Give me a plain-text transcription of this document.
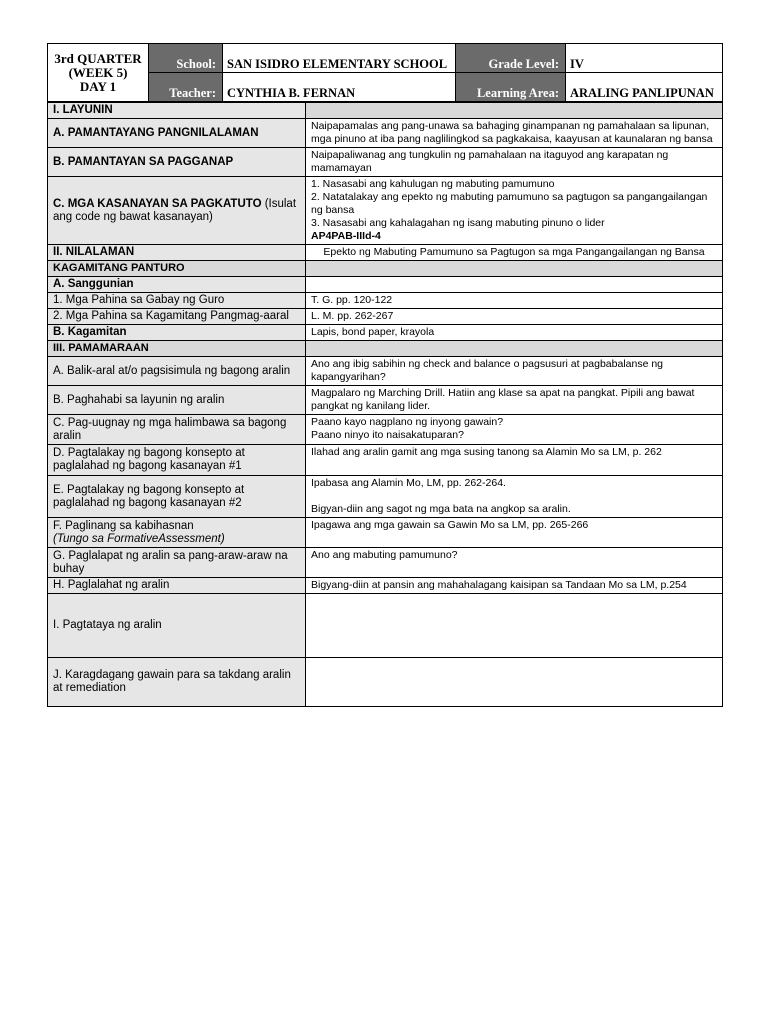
3rd QUARTER
(WEEK 5)
DAY 1	School:	SAN ISIDRO ELEMENTARY SCHOOL	Grade Level:	IV
	Teacher:	CYNTHIA B. FERNAN	Learning Area:	ARALING PANLIPUNAN
I. LAYUNIN	
A. PAMANTAYANG PANGNILALAMAN	Naipapamalas ang pang-unawa sa bahaging ginampanan ng pamahalaan sa lipunan, mga pinuno at iba pang naglilingkod sa pagkakaisa, kaayusan at kaunalaran ng bansa
B. PAMANTAYAN SA PAGGANAP	Naipapaliwanag ang tungkulin ng pamahalaan na itaguyod ang karapatan ng mamamayan
C. MGA KASANAYAN SA PAGKATUTO (Isulat ang code ng bawat kasanayan)	1. Nasasabi ang kahulugan ng mabuting pamumuno
2. Natatalakay ang epekto ng mabuting pamumuno sa pagtugon sa pangangailangan ng bansa
3. Nasasabi ang kahalagahan ng isang mabuting pinuno o lider
AP4PAB-IIId-4

II. NILALAMAN	Epekto ng Mabuting Pamumuno sa Pagtugon sa mga Pangangailangan ng Bansa
KAGAMITANG PANTURO	
A. Sanggunian	
1. Mga Pahina sa Gabay ng Guro	T. G. pp. 120-122
2. Mga Pahina sa Kagamitang Pangmag-aaral	L. M. pp. 262-267
B. Kagamitan	Lapis, bond paper, krayola
III. PAMAMARAAN	
A. Balik-aral at/o pagsisimula ng bagong aralin	Ano ang ibig sabihin ng check and balance o pagsusuri at pagbabalanse ng kapangyarihan?
B. Paghahabi sa layunin ng aralin	Magpalaro ng Marching Drill. Hatiin ang klase sa apat na pangkat. Pipili ang bawat pangkat ng kanilang lider.
C. Pag-uugnay ng mga halimbawa sa bagong aralin	Paano kayo nagplano ng inyong gawain?
Paano ninyo ito naisakatuparan?

D. Pagtalakay ng bagong konsepto at paglalahad ng bagong kasanayan #1	Ilahad ang aralin gamit ang mga susing tanong sa Alamin Mo sa LM, p. 262
E. Pagtalakay ng bagong konsepto at paglalahad ng bagong kasanayan #2	Ipabasa ang Alamin Mo, LM, pp. 262-264.
Bigyan-diin ang sagot ng mga bata na angkop sa aralin.

F. Paglinang sa kabihasnan
(Tungo sa FormativeAssessment)	Ipagawa ang mga gawain sa Gawin Mo sa LM, pp. 265-266
G. Paglalapat ng aralin sa pang-araw-araw na buhay	Ano ang mabuting pamumuno?
H. Paglalahat ng aralin	Bigyang-diin at pansin ang mahahalagang kaisipan sa Tandaan Mo sa LM, p.254
I. Pagtataya ng aralin	
J. Karagdagang gawain para sa takdang aralin at remediation	
